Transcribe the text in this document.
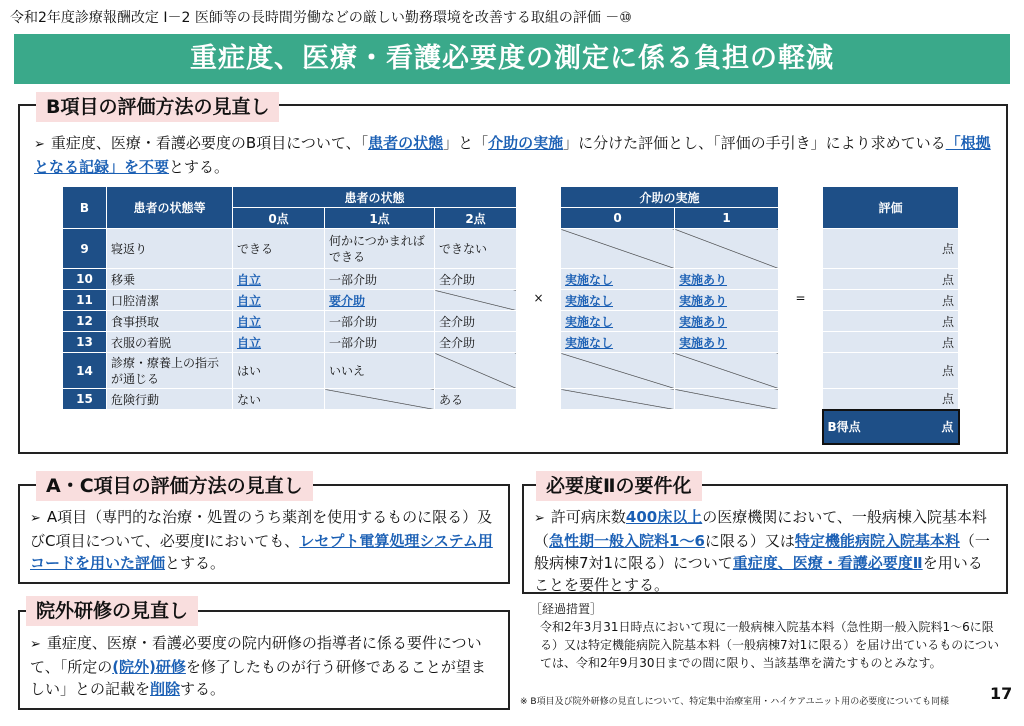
令和2年度診療報酬改定 Ⅰ－2 医師等の長時間労働などの厳しい勤務環境を改善する取組の評価 －⑩
重症度、医療・看護必要度の測定に係る負担の軽減
B項目の評価方法の見直し
➢ 重症度、医療・看護必要度のB項目について、「患者の状態」と「介助の実施」に分けた評価とし、「評価の手引き」により求めている「根拠となる記録」を不要とする。
B	患者の状態等	患者の状態			×	介助の実施		=	評価
		0点	1点	2点		0	1		
9	寝返り	できる	何かにつかまればできる	できない					点
10	移乗	自立	一部介助	全介助		実施なし	実施あり		点
11	口腔清潔	自立	要介助			実施なし	実施あり		点
12	食事摂取	自立	一部介助	全介助		実施なし	実施あり		点
13	衣服の着脱	自立	一部介助	全介助		実施なし	実施あり		点
14	診療・療養上の指示が通じる	はい	いいえ						点
15	危険行動	ない		ある					点

									B得点 点
A・C項目の評価方法の見直し
➢ A項目（専門的な治療・処置のうち薬剤を使用するものに限る）及びC項目について、必要度Ⅰにおいても、レセプト電算処理システム用コードを用いた評価とする。
院外研修の見直し
➢ 重症度、医療・看護必要度の院内研修の指導者に係る要件について、「所定の(院外)研修を修了したものが行う研修であることが望ましい」との記載を削除する。
必要度Ⅱの要件化
➢ 許可病床数400床以上の医療機関において、一般病棟入院基本料（急性期一般入院料1～6に限る）又は特定機能病院入院基本料（一般病棟7対1に限る）について重症度、医療・看護必要度Ⅱを用いることを要件とする。
［経過措置］
令和2年3月31日時点において現に一般病棟入院基本料（急性期一般入院料1～6に限る）又は特定機能病院入院基本料（一般病棟7対1に限る）を届け出ているものについては、令和2年9月30日までの間に限り、当該基準を満たすものとみなす。
※ B項目及び院外研修の見直しについて、特定集中治療室用・ハイケアユニット用の必要度についても同様	17
